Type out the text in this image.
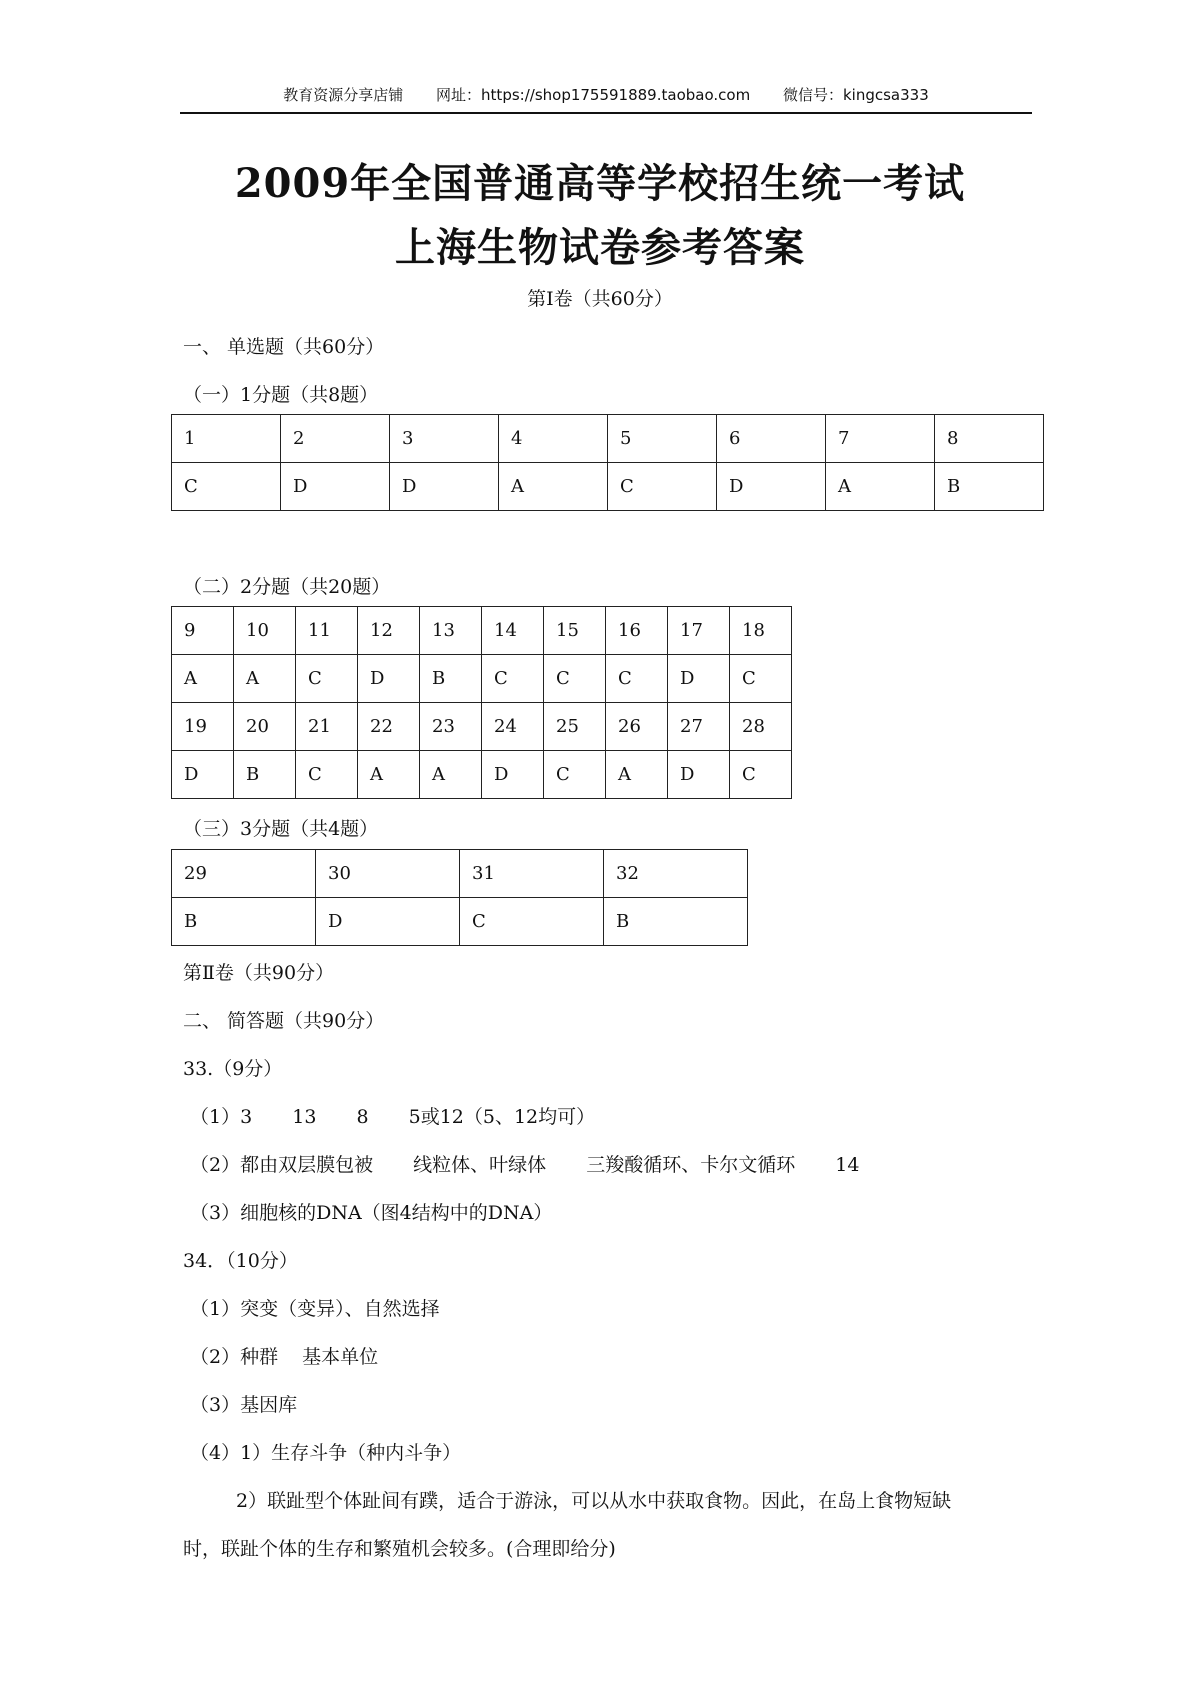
教育资源分享店铺 网址：https://shop175591889.taobao.com 微信号：kingcsa333
2009年全国普通高等学校招生统一考试
上海生物试卷参考答案
第Ⅰ卷（共60分）
一、 单选题（共60分）
（一）1分题（共8题）
1	2	3	4	5	6	7	8
C	D	D	A	C	D	A	B
（二）2分题（共20题）
9	10	11	12	13	14	15	16	17	18
A	A	C	D	B	C	C	C	D	C
19	20	21	22	23	24	25	26	27	28
D	B	C	A	A	D	C	A	D	C
（三）3分题（共4题）
29	30	31	32
B	D	C	B
第Ⅱ卷（共90分）
二、 简答题（共90分）
33.（9分）
（1）3 13 8 5或12（5、12均可）
（2）都由双层膜包被 线粒体、叶绿体 三羧酸循环、卡尔文循环 14
（3）细胞核的DNA（图4结构中的DNA）
34．（10分）
（1）突变（变异）、自然选择
（2）种群 基本单位
（3）基因库
（4）1）生存斗争（种内斗争）
2）联趾型个体趾间有蹼，适合于游泳，可以从水中获取食物。因此，在岛上食物短缺
时，联趾个体的生存和繁殖机会较多。(合理即给分)
